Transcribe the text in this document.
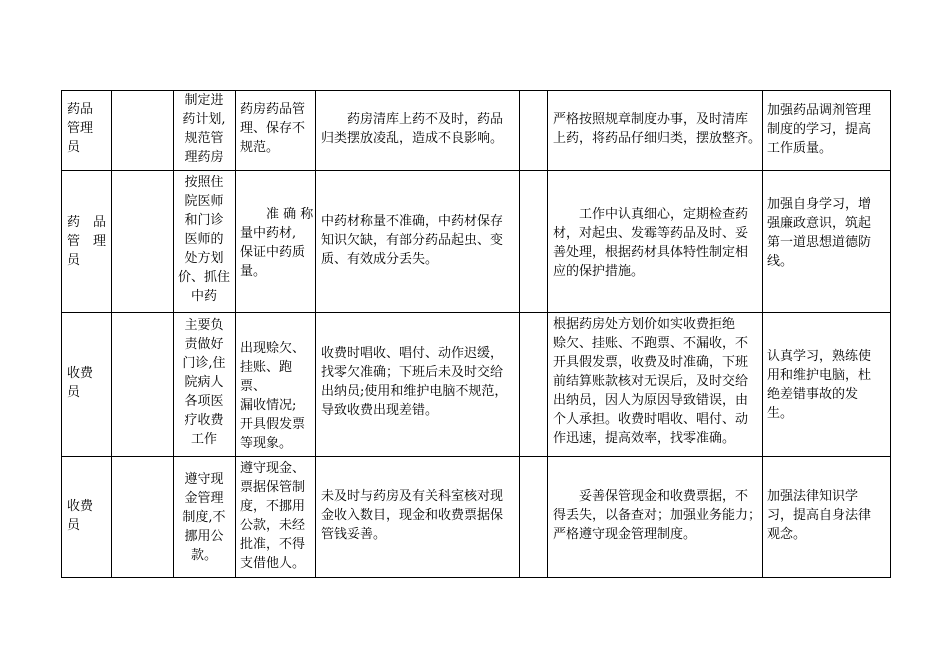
药品
管理
员
制定进
药计划,
规范管
理药房
药房药品管
理、保存不
规范。
　　药房清库上药不及时，药品
归类摆放凌乱，造成不良影响。
严格按照规章制度办事，及时清库
上药，将药品仔细归类，摆放整齐。
加强药品调剂管理
制度的学习，提高
工作质量。
药　品
管　理
员
按照住
院医师
和门诊
医师的
处方划
价、抓住
中药
　　准 确 称
量中药材,
保证中药质
量。
中药材称量不准确，中药材保存
知识欠缺，有部分药品起虫、变
质、有效成分丢失。
　　工作中认真细心，定期检查药
材，对起虫、发霉等药品及时、妥
善处理，根据药材具体特性制定相
应的保护措施。
加强自身学习，增
强廉政意识，筑起
第一道思想道德防
线。
收费
员
主要负
责做好
门诊,住
院病人
各项医
疗收费
工作
出现赊欠、
挂账、跑票、
漏收情况;
开具假发票
等现象。
收费时唱收、唱付、动作迟缓，
找零欠准确；下班后未及时交给
出纳员;使用和维护电脑不规范，
导致收费出现差错。
根据药房处方划价如实收费拒绝
赊欠、挂账、不跑票、不漏收，不
开具假发票，收费及时准确，下班
前结算账款核对无误后，及时交给
出纳员，因人为原因导致错误，由
个人承担。收费时唱收、唱付、动
作迅速，提高效率，找零准确。
认真学习，熟练使
用和维护电脑，杜
绝差错事故的发
生。
收费
员
遵守现
金管理
制度,不
挪用公
款。
遵守现金、
票据保管制
度，不挪用
公款，未经
批准，不得
支借他人。
未及时与药房及有关科室核对现
金收入数目，现金和收费票据保
管钱妥善。
　　妥善保管现金和收费票据，不
得丢失，以备查对；加强业务能力；
严格遵守现金管理制度。
加强法律知识学
习，提高自身法律
观念。
